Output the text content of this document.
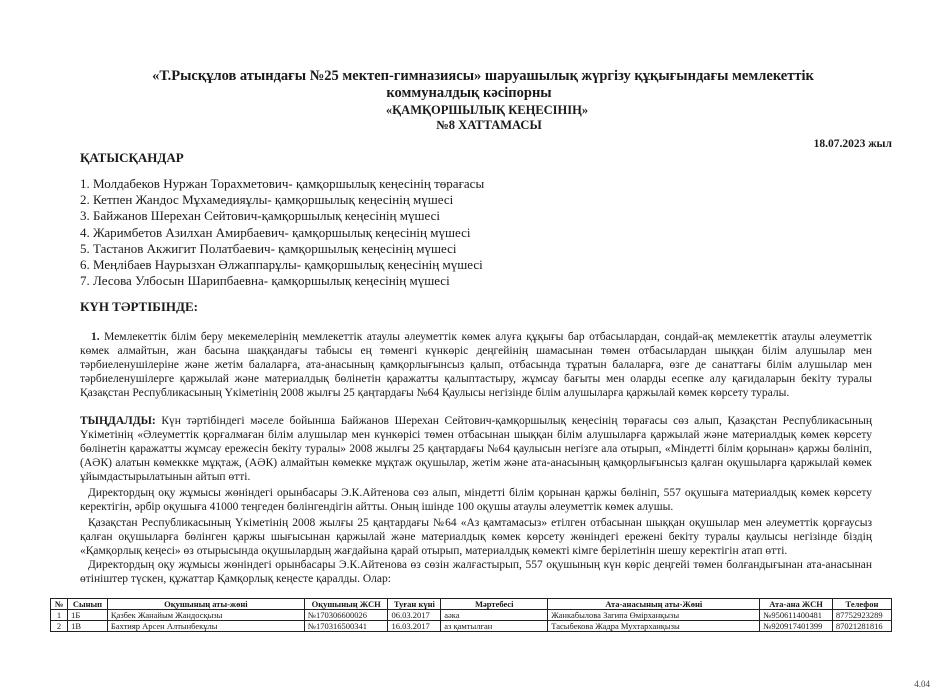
«Т.Рысқұлов атындағы №25 мектеп-гимназиясы» шаруашылық жүргізу құқығындағы мемлекеттік
коммуналдық кәсіпорны
«ҚАМҚОРШЫЛЫҚ КЕҢЕСІНІҢ»
№8 ХАТТАМАСЫ
18.07.2023 жыл
ҚАТЫСҚАНДАР
1. Молдабеков Нуржан Торахметович- қамқоршылық кеңесінің төрағасы
2. Кетпен Жандос Мұхамедияұлы- қамқоршылық кеңесінің мүшесі
3. Байжанов Шерехан Сейтович-қамқоршылық кеңесінің мүшесі
4. Жаримбетов Азилхан Амирбаевич- қамқоршылық кеңесінің мүшесі
5. Тастанов Акжигит Полатбаевич- қамқоршылық кеңесінің мүшесі
6. Меңлібаев Наурызхан Әлжаппарұлы- қамқоршылық кеңесінің мүшесі
7. Лесова Улбосын Шарипбаевна- қамқоршылық кеңесінің мүшесі
КҮН ТӘРТІБІНДЕ:

1. Мемлекеттік білім беру мекемелерінің мемлекеттік атаулы әлеуметтік көмек алуға құқығы бар отбасылардан, сондай-ақ мемлекеттік атаулы әлеуметтік көмек алмайтын, жан басына шаққандағы табысы ең төменгі күнкөріс деңгейінің шамасынан төмен отбасылардан шыққан білім алушылар мен тәрбиеленушілеріне және жетім балаларға, ата-анасының қамқорлығынсыз қалып, отбасында тұратын балаларға, өзге де санаттағы білім алушылар мен тәрбиеленушілерге қаржылай және материалдық бөлінетін қаражатты қалыптастыру, жұмсау бағыты мен оларды есепке алу қағидаларын бекіту туралы Қазақстан Республикасының Үкіметінің 2008 жылғы 25 қаңтардағы №64 Қаулысы негізінде білім алушыларға қаржылай көмек көрсету туралы.

ТЫҢДАЛДЫ: Күн тәртібіндегі мәселе бойынша Байжанов Шерехан Сейтович-қамқоршылық кеңесінің төрағасы сөз алып, Қазақстан Республикасының Үкіметінің «Әлеуметтік қорғалмаған білім алушылар мен күнкөрісі төмен отбасынан шыққан білім алушыларға қаржылай және материалдық көмек көрсету бөлінетін қаражатты жұмсау ережесін бекіту туралы» 2008 жылғы 25 қаңтардағы №64 қаулысын негізге ала отырып, «Міндетті білім қорынан» қаржы бөлініп, (АӘК) алатын көмеккке мұқтаж, (АӘК) алмайтын көмекке мұқтаж оқушылар, жетім және ата-анасының қамқорлығынсыз қалған оқушыларға қаржылай көмек ұйымдастырылатынын айтып өтті.

Директордың оқу жұмысы жөніндегі орынбасары Э.К.Айтенова сөз алып, міндетті білім қорынан қаржы бөлініп, 557 оқушыға материалдық көмек көрсету керектігін, әрбір оқушыға 41000 теңгеден бөлінгендігін айтты. Оның ішінде 100 оқушы атаулы әлеуметтік көмек алушы.

Қазақстан Республикасының Үкіметінің 2008 жылғы 25 қаңтардағы №64 «Аз қамтамасыз» етілген отбасынан шыққан оқушылар мен әлеуметтік қорғаусыз қалған оқушыларға бөлінген қаржы шығысынан қаржылай және материалдық көмек көрсету жөніндегі ережені бекіту туралы қаулысы негізінде біздің «Қамқорлық кеңесі» өз отырысында оқушылардың жағдайына қарай отырып, материалдық көмекті кімге берілетінін шешу керектігін атап өтті.

Директордың оқу жұмысы жөніндегі орынбасары Э.К.Айтенова өз сөзін жалғастырып, 557 оқушының күн көріс деңгейі төмен болғандығынан ата-анасынан өтініштер түскен, құжаттар Қамқорлық кеңесте қаралды. Олар:

№	Сынып	Оқушының аты-жөні	Оқушының ЖСН	Туған күні	Мәртебесі	Ата-анасының аты-Жөні	Ата-ана ЖСН	Телефон
1	1Б	Қазбек Жанайым Жандосқызы	№170306600026	06.03.2017	аәка	Жанкабылова Загипа Өмірханқызы	№950611400481	87752923289
2	1В	Бахтияр Арсен Алтынбекұлы	№170316500341	16.03.2017	аз қамтылған	Тасыбекова Жадра Мухтарханқызы	№920917401399	87021281816
4.04
